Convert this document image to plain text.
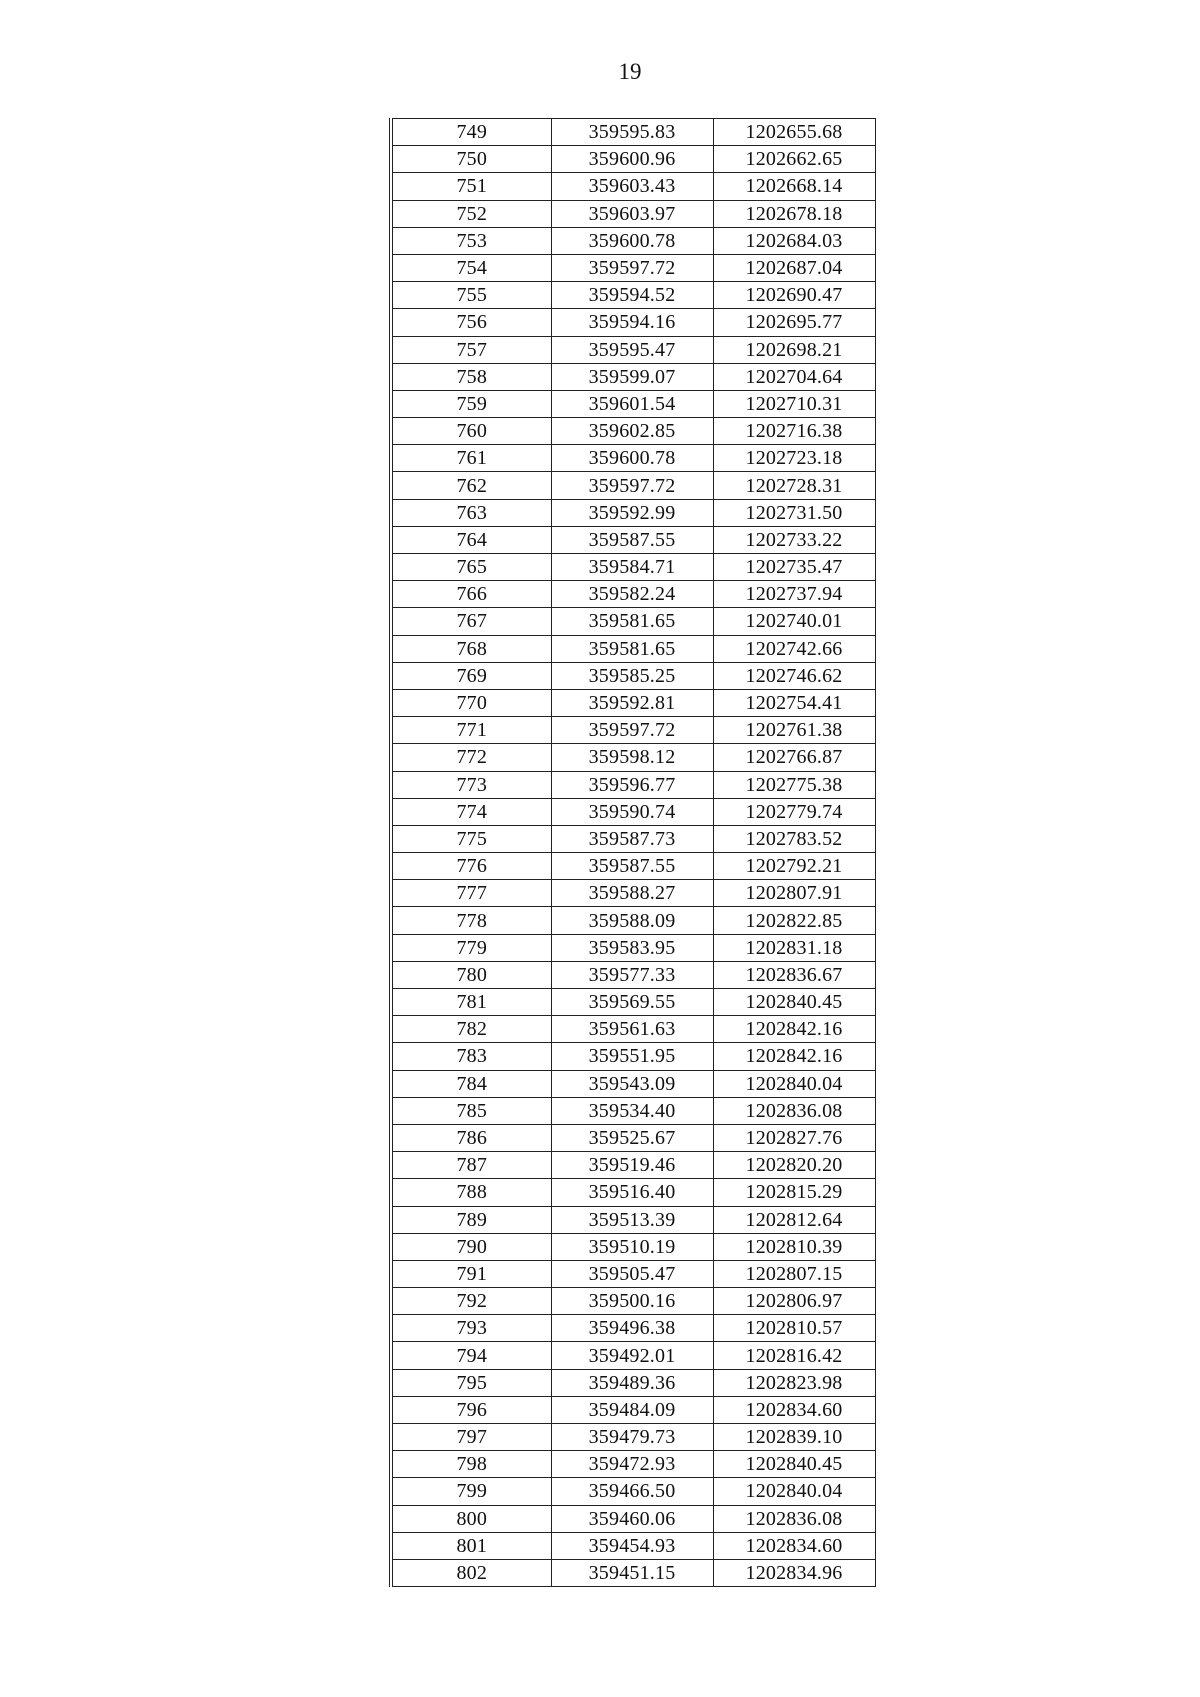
19
749	359595.83	1202655.68
750	359600.96	1202662.65
751	359603.43	1202668.14
752	359603.97	1202678.18
753	359600.78	1202684.03
754	359597.72	1202687.04
755	359594.52	1202690.47
756	359594.16	1202695.77
757	359595.47	1202698.21
758	359599.07	1202704.64
759	359601.54	1202710.31
760	359602.85	1202716.38
761	359600.78	1202723.18
762	359597.72	1202728.31
763	359592.99	1202731.50
764	359587.55	1202733.22
765	359584.71	1202735.47
766	359582.24	1202737.94
767	359581.65	1202740.01
768	359581.65	1202742.66
769	359585.25	1202746.62
770	359592.81	1202754.41
771	359597.72	1202761.38
772	359598.12	1202766.87
773	359596.77	1202775.38
774	359590.74	1202779.74
775	359587.73	1202783.52
776	359587.55	1202792.21
777	359588.27	1202807.91
778	359588.09	1202822.85
779	359583.95	1202831.18
780	359577.33	1202836.67
781	359569.55	1202840.45
782	359561.63	1202842.16
783	359551.95	1202842.16
784	359543.09	1202840.04
785	359534.40	1202836.08
786	359525.67	1202827.76
787	359519.46	1202820.20
788	359516.40	1202815.29
789	359513.39	1202812.64
790	359510.19	1202810.39
791	359505.47	1202807.15
792	359500.16	1202806.97
793	359496.38	1202810.57
794	359492.01	1202816.42
795	359489.36	1202823.98
796	359484.09	1202834.60
797	359479.73	1202839.10
798	359472.93	1202840.45
799	359466.50	1202840.04
800	359460.06	1202836.08
801	359454.93	1202834.60
802	359451.15	1202834.96
